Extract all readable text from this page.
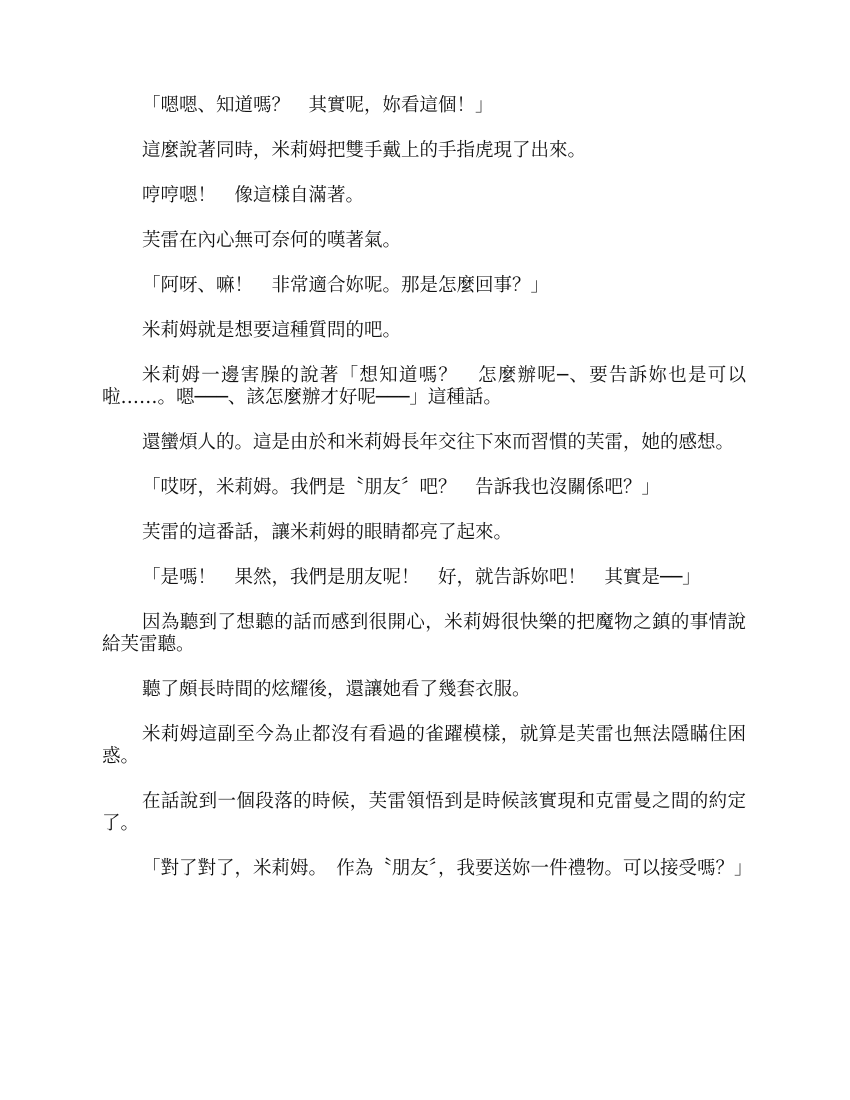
「嗯嗯、知道嗎？　其實呢，妳看這個！」

這麼說著同時，米莉姆把雙手戴上的手指虎現了出來。

哼哼嗯！　像這樣自滿著。

芙雷在內心無可奈何的嘆著氣。

「阿呀、嘛！　非常適合妳呢。那是怎麼回事？」

米莉姆就是想要這種質問的吧。

米莉姆一邊害臊的說著「想知道嗎？　怎麼辦呢─、要告訴妳也是可以啦……。嗯───、該怎麼辦才好呢───」這種話。

還蠻煩人的。這是由於和米莉姆長年交往下來而習慣的芙雷，她的感想。

「哎呀，米莉姆。我們是〝朋友〞吧？　告訴我也沒關係吧？」

芙雷的這番話，讓米莉姆的眼睛都亮了起來。

「是嗎！　果然，我們是朋友呢！　好，就告訴妳吧！　其實是──」

因為聽到了想聽的話而感到很開心，米莉姆很快樂的把魔物之鎮的事情說給芙雷聽。

聽了頗長時間的炫耀後，還讓她看了幾套衣服。

米莉姆這副至今為止都沒有看過的雀躍模樣，就算是芙雷也無法隱瞞住困惑。

在話說到一個段落的時候，芙雷領悟到是時候該實現和克雷曼之間的約定了。

「對了對了，米莉姆。　作為〝朋友〞，我要送妳一件禮物。可以接受嗎？」
